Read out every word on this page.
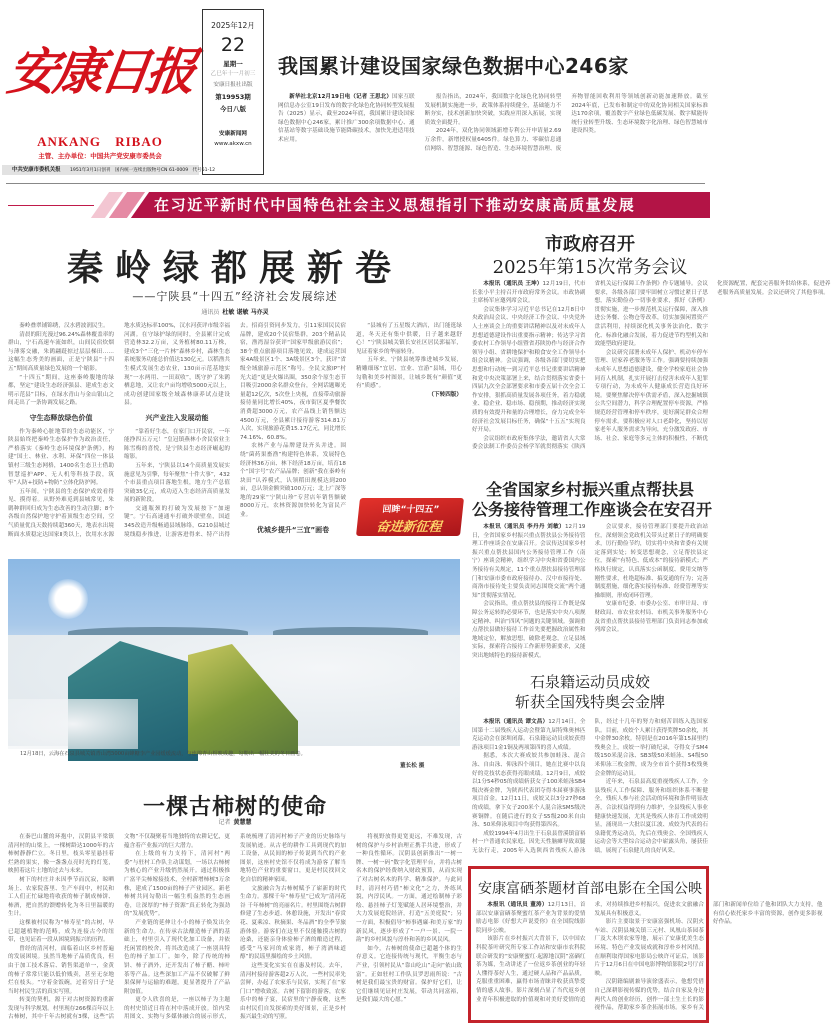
安康日报
ANKANG RIBAO
主管、主办单位：中国共产党安康市委员会
中共安康市委机关报 1951年3月1日创刊 国内统一连续出版物号CN 61-0009 代号51-12
2025年12月
22
星期一
乙巳年十一月初三
安康日报社出版
第19953期
今日八版
安康新闻网
www.akxw.cn
我国累计建设国家绿色数据中心246家

新华社北京12月19日电（记者 王思北）国家互联网信息办公室19日发布的数字化绿色化协同转型发展报告（2025）显示，截至2024年底，我国累计建设国家绿色数据中心246家，累计推广300余项数据中心、通信基站等数字基础设施节能降碳技术，加快先进适用技术应用。

报告指出，2024年，我国数字化绿色化协同转型发展机制实施进一步，政策体系持续健全，基础能力不断夯实，技术创新加快突破，实践应用深入拓展，实现质效全面提升。

2024年，双化协同领域新增专利公开申请量2.69万余件，新增授权量6405件。绿色算力、零碳信息通信网络、智慧能源、绿色智造、生态环境智慧治理、废弃物智能回收利用等领域创新动能加速释放。截至2024年底，已发布和制定中的双化协同相关国家标准达170余项，覆盖数字产业绿色低碳发展、数字赋能传统行业转型升级、生态环境数字化治理、绿色智慧城市建设四类。

在习近平新时代中国特色社会主义思想指引下推动安康高质量发展
秦岭绿都展新卷
——宁陕县“十四五”经济社会发展综述
通讯员 杜敏 谌敏 马亦灵

秦岭叠翠铺锦绣，汉水碧波润民生。

清晨的阳光漫过96.24%森林覆盖率的群山，宁石高速车流如织，山间民宿炊烟与薄雾交融，朱鹮翩跹掠过层层梯田……这幅生态秀美的画面，正是宁陕县“十四五”期间高质量绿色发展的一个缩影。

“十四五”期间，这座秦岭腹地的绿都，坚定“建设生态经济强县、建成生态文明示范县”目标，在绿水青山与金山银山之间走出了一条协调发展之路。

守生态释放绿色价值

作为秦岭心脏地带的生态功能区，宁陕县始终把秦岭生态保护作为政治责任，严格落实《秦岭生态环境保护条例》，构建“国土、林业、水利、环保”四位一体县镇村三级生态网格，1400名生态卫士借助智慧巡护APP、无人机等科技手段，筑牢“人防+技防+物防”立体化防护网。

五年间，宁陕县的生态保护成效看得见、摸得着。从野外难觅到县城常见，朱鹮种群回归成为生态改善的生动注脚；8个各级自然保护地守护着顶级生态空间，空气质量优良天数持续超360天，地表水出境断面水质稳定达国家Ⅱ类以上，饮用水水源地水质达标率100%，汉水河获评市级幸福河湖。在守绿护绿的同时，全县累计完成营造林32.2万亩，义务植树80.11万株，建成3个“三化一片林”森林乡村，森林生态系统服务功能总价值达130亿元。以稻渔共生模式发展生态农业，130亩示范基地实现“一水两用、一田双收”，既守护了朱鹮栖息地，又让农户亩均增收5000元以上，成功创建国家级全域森林康养试点建设县。

兴产业注入发展动能

“靠着好生态，在家门口开民宿，一年能挣四五万元！”皇冠镇燕林小舍民宿业主陈雪梅的喜悦，是宁陕县生态经济崛起的缩影。

五年来，宁陕县以14个高质量发展实施意见为引擎，每年聚焦“十件大事”，432个市县重点项目落地生根，地方生产总值突破35亿元，成功迈入生态经济高质量发展的新阶段。

交通瓶颈的打破为发展按下“加速键”。宁石高速通车打破外联壁垒，国道345改造升级畅通县域脉络，G210县城过境线稳步推进，让游客进得来、特产出得去。招商引资同步发力，引11家国民民宿品牌，建成20个民宿集群，203个精品民宿，渔湾湿谷获评“国家甲级旅游民宿”；38个重点旅游项目落地见效，建成运营国家4A级景区1个、3A级景区3个，获评“省级全域旅游示范区”称号。全民文旅IP“村光大道”更是火爆出圈，350余个原生态节目吸引2000余名群众登台，全网话题曝光量超12亿次，5次登上央视，直接带动旅游接待量同比增长40%，夜市街区夏季餐饮消费超3000万元，农产品线上销售额达4500万元，全县累计接待游客314.81万人次，实现旅游花费15.17亿元，同比增长74.16%、60.8%。

农林产业与品牌建设齐头并进。围绕“菌药果畜渔”构建特色体系，发展特色经济林36万亩、林下经济18万亩，培育18个“国字号”农产品品牌；创新“我在秦岭有块田”认养模式，认领稻田规模达到200亩，总认领金额突破100万元；北上广深等地的29家“宁陕山珍”专营店年销售额破8000万元，农林资源加快转化为富民产业。

优城乡提升“三宜”画卷

“县城有了五星级大酒店，出门能逛绿道，冬天还有集中供暖，日子越来越舒心！”宁陕县城关镇长安社区居民郭福军，见证着家乡的华丽转身。

五年来，宁陕县统筹推进城乡发展，精雕细琢“宜居、宜业、宜游”县域，用心勾勒和美乡村图景，让城乡既有“颜值”更有“质感”。

（下转四版）

回眸“十四五”
奋进新征程
12月18日，云海在石泉县城关镇青山湾5000亩蜂糖李产业园缓缓流动，与连绵青山相映成趣，勾勒出一幅壮美的冬日画卷。
董长松 摄
一棵古柿树的使命
记者 黄慧慧

在秦巴山麓的环抱中，汉阴县平梁镇清河村的山梁上，一棵树龄达1000年的古柿树静静伫立。冬日里，枝头零星悬挂着烂熟的果实，像一盏盏点亮时光的灯笼，映照着这片土地的过去与未来。

树下的村庄并未因季节而沉寂，晾晒场上、农家院落里、生产车间中，村民和工人们正忙碌地将收获的柿子制成柿饼、柿酒，把自然的馈赠转化为冬日里温暖的生计。

这棵被村民称为“柿寿星”的古树，早已超越植物的范畴，成为连接古今的纽带，也见证着一段从困境到振兴的历程。

曾经的清河村，面临着山区乡村普遍的发展困境。虽然当地柿子品质优良，但由于加工技术落后、销售渠道单一，金黄的柿子常常只能以低价贱卖，甚至无奈地烂在枝头。“守着金饭碗，过着穷日子”是当时村民生活的真实写照。

转变的契机，源于对古树资源的重新发现与科学规划。村里现存266棵百年以上古柿树，其中千年古树就有3棵，这些“活文物”不仅凝聚着当地独特的农耕记忆，更蕴含着产业振兴的巨大潜力。

在上级的有力支持下，清河村“两委”与驻村工作队主动谋划，一场以古柿树为核心的产业升级悄然展开。通过积极推广富平尖柿嫁接技术，全村新增柿树3万余株，建成了1500亩的柿子产业园区。新老柿树共同勾勒出一幅生机盎然的生态画卷，让深厚的“柿子资源”真正转化为强劲的“发展优势”。

产业链的延伸让小小的柿子焕发出全新的生命力。在传承古法酿造柿子酒的基础上，村里引入了现代化加工设备，并依托闲置的校舍，将其改造成了一座别具特色的柿子加工厂。如今，除了传统的柿饼、柿子酒外，还开发出了柿子醋、柿叶茶等产品。这些深加工产品不仅破解了鲜果保鲜与运输的难题，更显著提升了产品附加值。

更令人欣喜的是，一座以柿子为主题的村史馆近日将在村中落成开放。馆内采用图文、实物与多媒体融合的展示形式，系统梳理了清河村柿子产业的历史脉络与发展轨迹。从古老的耕作工具到现代的加工设备，从民间的柿子传说到当代的产业图景，这座村史馆不仅将成为游客了解当地特色产业的重要窗口，更是村民找回文化自信的精神家园。

文旅融合为古柿树赋予了崭新的时代生命力。那棵千年“柿寿星”已成为“清河花谷 千年柿树”的亮丽名片。村里围绕古树群修建了生态步道、休憩设施，开发出“春赏花、夏乘凉、秋摘果、冬品酒”的全季节旅游体验。游客们在这里不仅能触摸古树的沧桑，还能亲身体验柿子酒的酿造过程，感受“马家河的成家湾，柿子湾酒味道醇”的民谣里描绘的乡土风情。

这些变化实实在在惠及村民。去年，清河村接待游客超2万人次，一些村民率先尝鲜，办起了农家乐与民宿，实现了在“家门口”增收致富。古树下留影的游客，农家乐中的柿子宴，民宿里的宁静夜晚，这些由村民们自发探索的美好图景，正是乡村振兴最生动的写照。

将视野放得更宽更远，不难发现，古树的保护与乡村治理正携手共进，形成了一种良性循环。汉阴县创新推出“一树一牌、一树一码”数字化管理平台，并将古树名木的保护经费纳入财政预算，从而实现了对古树名木的科学、精准保护。与此同时，清河村巧借“柿文化”之力，外练风貌，内淳民风。一方面，通过绘制柿子彩绘、悬挂柿子灯笼赋能人居环境整治，并大力发展庭院经济，打造“五美庭院”；另一方面，积极倡导“柿事遇廉·和美万家”的新民风，逐步形成了“一户一景、一院一韵”的乡村风貌与淳朴和善的乡风民风。

如今，古柿树的使命已超越个体的生存意义。它连接传统与现代，平衡生态与产业，引领村民从“靠山吃山”走向“依山致富”。正如驻村工作队员罗思雨所说：“古树是我们最宝贵的财富。保护好它们，让它们继续见证村庄发展，带动共同富裕，是我们最大的心愿。”

市政府召开
2025年第15次常务会议

本报讯（通讯员 王坤）12月19日，代市长张小平主持召开市政府常务会议。市政协副主席杨军应邀列席会议。

会议集体学习习近平总书记在12月8日中央政治局会议、中央经济工作会议、中央党外人士座谈会上的重要讲话精神以及对未成年人思想道德建设作出重要指示精神；传达学习省委农村工作领导小组暨省苏陕协作与经济合作领导小组、省耕地保护和粮食安全工作领导小组会议精神。会议强调，各级各部门要切实把思想和行动统一到习近平总书记重要讲话精神和党中央决策部署上来，结合贯彻落实省委十四届九次全会部署要求和市委五届十次全会工作安排，狠抓高质量发展各项任务，着力稳就业、稳企业、稳市场、稳预期，推动经济实现质的有效提升和量的合理增长，奋力完成全年经济社会发展目标任务，确保“十五五”实现良好开局。

会议组织市政府集体学法，邀请省人大常委会法制工作委员会杨学军就贯彻落实《陕西省机关运行保障工作条例》作专题辅导。会议要求，各级各部门要牢固树立习惯过紧日子思想，落实勤俭办一切事业要求，抓好《条例》贯彻实施，进一步规范机关运行保障，深入推进公务餐、公物仓等改革，切实加强闲置资产盘活利用，持续深化机关事务法治化、数字化、标准化融合发展，着力促进节约型机关和效能型政府建设。

会议研究部署未成年人保护、机动车停车管理、居家养老服务等工作。强调要持续加强未成年人思想道德建设，健全学校家庭社会协同育人机制，扎实开展打击侵害未成年人犯罪专项行动，为未成年人健康成长营造良好环境。要聚焦解决停车供需矛盾，深入挖掘城镇公共空间潜力，科学合理配置停车资源，严格规范经营管理和停车秩序，更好满足群众合理停车需求。要积极应对人口老龄化，坚持以居家老年人服务需求为导向，充分激发政府、市场、社会、家庭等多元主体的积极性，不断优化资源配置，配套完善服务供给体系，促进养老服务高质量发展。会议还研究了其他事项。

全省国家乡村振兴重点帮扶县
公务接待管理工作座谈会在安召开

本报讯（通讯员 李丹丹 刘敏）12月19日，全省国家乡村振兴重点帮扶县公务接待管理工作座谈会在安康召开。会议传达国家乡村振兴重点帮扶县国内公务接待管理工作（南宁）座谈会精神，组织学习中央和省委国内公务接待有关规定，11个重点帮扶县接待管理部门和安康市委市政府接待办、汉中市接待处、商洛市接待处主要负责同志围绕交流“两个通知”贯彻落实情况。

会议指出，重点帮扶县的接待工作既是保障公务运转的必要环节，也是落实中央八项规定精神、纠治“四风”问题的关键领域。强调重点帮扶县做好接待工作首先要把握政治属性和地域定位，解放思想，破除老观念，立足县域实际，探索符合接待工作新形势新要求，又能突出地域特色的接待新模式。

会议要求，接待管理部门要提升政治站位，深刻领会党政机关带头过紧日子的明确要求，厉行勤俭节约，切实将中央和省委有关规定落到实处；转变思想观念，立足帮扶县定位，探索“有特色、低成本”的接待新模式；严格执行规定，认真落实公函制度、费用交纳等刚性要求，杜绝超标准、搞变通的行为；完善制度措施，细化落实接待标准、经费管理等实操细则，形成闭环管理。

安康市纪委、市委办公室、市审计局、市财政局、市农业农村局、市机关事务服务中心及省重点帮扶县接待管理部门负责同志参加或列席会议。

石泉籍运动员成姣
斩获全国残特奥会金牌

本报讯（通讯员 谭文昌）12月14日，全国第十二届残疾人运动会暨第九届特殊奥林匹克运动会在深圳闭幕。石泉籍运动员成姣获得游泳项目1金1铜及两项第四的喜人成绩。

据悉，本次大赛成姣共参加蛙泳、混合泳、自由泳、仰泳四个项目，她在比赛中以良好的竞技状态获得亮眼成绩。12月9日，成姣以1分54秒05的成绩斩获女子100米蛙泳SB4级决赛金牌，为陕西代表团夺得本届赛事游泳项目首金。12月11日，成姣又以3分27秒68的成绩，拿下女子200米个人混合泳SM5级决赛铜牌。在随后进行的女子S5级200米自由泳、50米仰泳项目中均获得第四名。

成姣1994年4月出生于石泉县曾溪镇富裕村一户普通农民家庭，因先天性脑瘫导致双腿无法行走，2005年入选陕西省残疾人游泳队，经过十几年的努力和刻苦训练入选国家队。目前，成姣个人累计获得奖牌50余枚，其中金牌30余枚。特别是在2016年第15届里约残奥会上，成姣一举打破纪录，夺得女子SM4级150米混合泳、SB3级50米蛙泳、S4级50米仰泳三枚金牌，成为全市首个获得3枚残奥会金牌的运动员。

近年来，石泉县高度重视残疾人工作，全县残疾人工作保障、服务和组织体系不断健全，残疾人参与社会活动的环境和条件明显改善，合法权益得到有力维护，全县残疾人事业健康快速发展，尤其是残疾人体育工作成效明显，涌现出一大批以夏江波、成姣为代表的石泉籍优秀运动员，先后在残奥会、全国残疾人运动会等大型综合运动会中崭露头角，屡获佳绩，展现了石泉健儿的良好风采。

安康富硒茶题材首部电影在全国公映

本报讯（通讯员 董涛）12月13日，首部以安康富硒茶聚蜜红茶产业为背景的爱情励志电影《好想大声说爱你》在全国院线影院同步公映。

该影片在乡村振兴大背景下，以中国农科院茶叶研究所专家工作站和安康市农科院联合研发的“安康聚蜜红·起源地汉阴”富硒红茶为媒，生动讲述了一位返乡茶创业的年轻人懂得茶好人生，通过硬人品和产品品质，克服重重困难，赢得市场青睐并收获真挚爱情的感人故事。影片深刻凸显了当代返乡创业青年积极进取的价值观和对美好爱情的追求，对持续推进乡村振兴，促进农文旅融合发展具有积极意义。

影片主要取景于安康富强机场、汉阴火车站、汉阴县城关镇三元村、凤凰山茶园茶厂及大木坝农家等地，展示了安康优美生态环境、特色产业发展成就和淳朴乡村风情。在顺利取得国家电影局公映许可证后，该影片于12月6日在中国电影博物馆影院2号厅首映。

汉阴籍编剧兼导演徐盛表示，他想凭借自己深耕影视传媒的优势，结合自家及身边两代人的创业经历，创作一部土生土长的影视作品，帮助家乡茶企拓展市场。家乡有关部门和新闻单位给了他和团队大力支持，他有信心依托家乡丰富的资源，创作更多影视好作品。
